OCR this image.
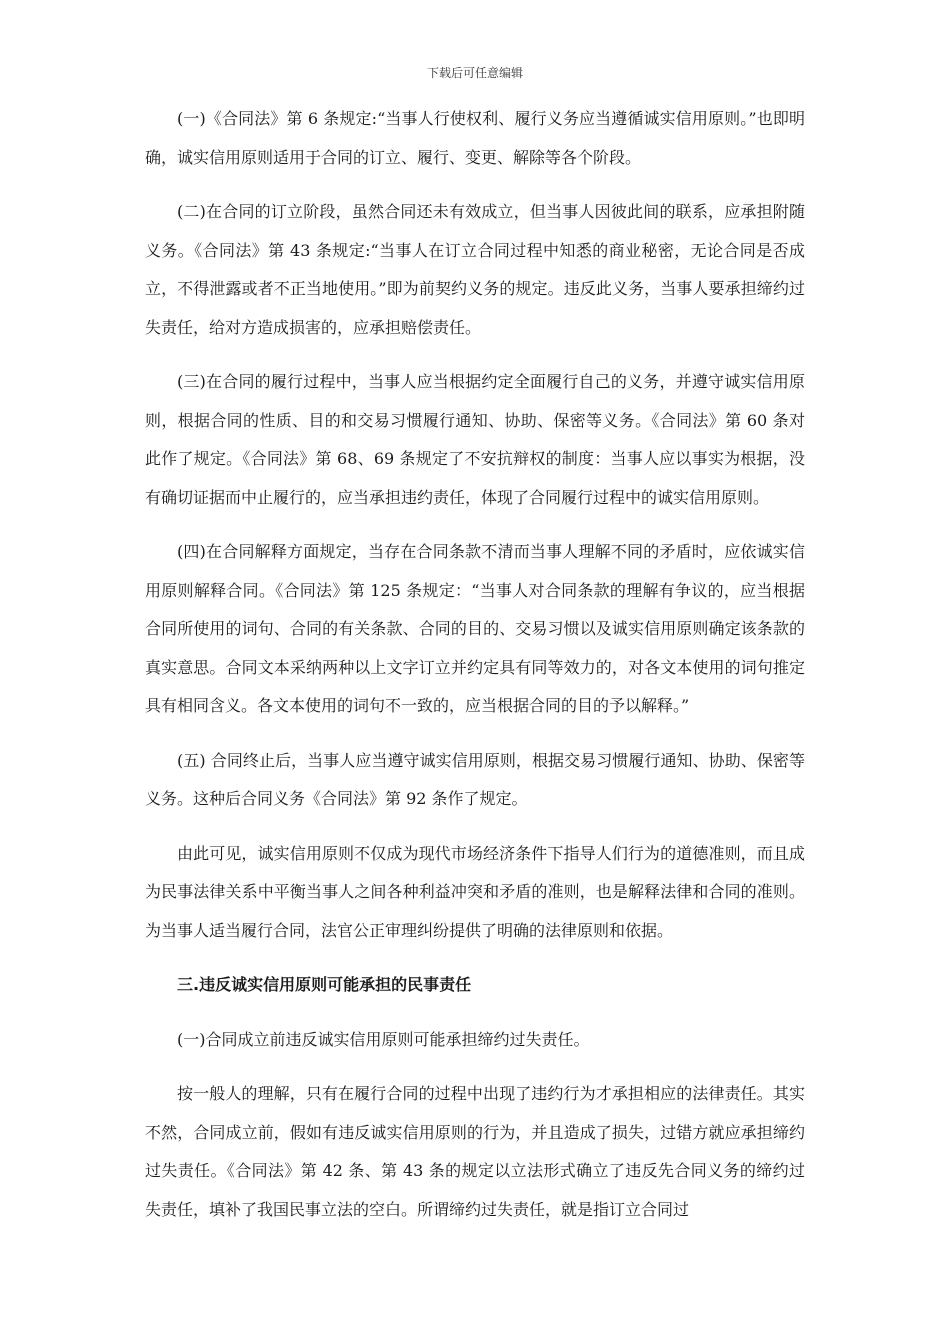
下载后可任意编辑

(一)《合同法》第 6 条规定:“当事人行使权利、履行义务应当遵循诚实信用原则。”也即明确，诚实信用原则适用于合同的订立、履行、变更、解除等各个阶段。

(二)在合同的订立阶段，虽然合同还未有效成立，但当事人因彼此间的联系，应承担附随义务。《合同法》第 43 条规定:“当事人在订立合同过程中知悉的商业秘密，无论合同是否成立，不得泄露或者不正当地使用。”即为前契约义务的规定。违反此义务，当事人要承担缔约过失责任，给对方造成损害的，应承担赔偿责任。

(三)在合同的履行过程中，当事人应当根据约定全面履行自己的义务，并遵守诚实信用原则，根据合同的性质、目的和交易习惯履行通知、协助、保密等义务。《合同法》第 60 条对此作了规定。《合同法》第 68、69 条规定了不安抗辩权的制度：当事人应以事实为根据，没有确切证据而中止履行的，应当承担违约责任，体现了合同履行过程中的诚实信用原则。

(四)在合同解释方面规定，当存在合同条款不清而当事人理解不同的矛盾时，应依诚实信用原则解释合同。《合同法》第 125 条规定：“当事人对合同条款的理解有争议的，应当根据合同所使用的词句、合同的有关条款、合同的目的、交易习惯以及诚实信用原则确定该条款的真实意思。合同文本采纳两种以上文字订立并约定具有同等效力的，对各文本使用的词句推定具有相同含义。各文本使用的词句不一致的，应当根据合同的目的予以解释。”

(五) 合同终止后，当事人应当遵守诚实信用原则，根据交易习惯履行通知、协助、保密等义务。这种后合同义务《合同法》第 92 条作了规定。

由此可见，诚实信用原则不仅成为现代市场经济条件下指导人们行为的道德准则，而且成为民事法律关系中平衡当事人之间各种利益冲突和矛盾的准则，也是解释法律和合同的准则。为当事人适当履行合同，法官公正审理纠纷提供了明确的法律原则和依据。

三.违反诚实信用原则可能承担的民事责任

(一)合同成立前违反诚实信用原则可能承担缔约过失责任。

按一般人的理解，只有在履行合同的过程中出现了违约行为才承担相应的法律责任。其实不然，合同成立前，假如有违反诚实信用原则的行为，并且造成了损失，过错方就应承担缔约过失责任。《合同法》第 42 条、第 43 条的规定以立法形式确立了违反先合同义务的缔约过失责任，填补了我国民事立法的空白。所谓缔约过失责任，就是指订立合同过
